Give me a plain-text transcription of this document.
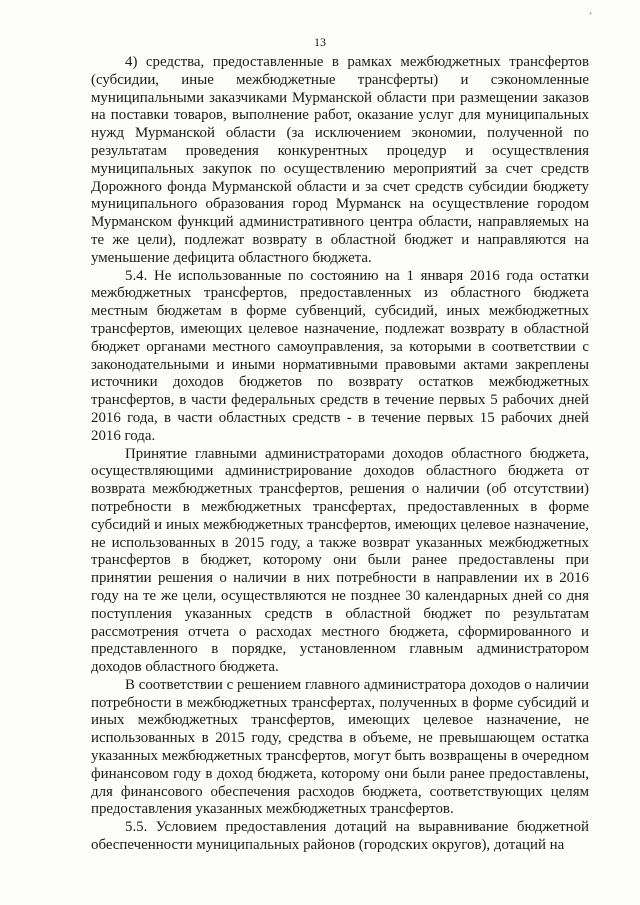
.
13

4) средства, предоставленные в рамках межбюджетных трансфертов (субсидии, иные межбюджетные трансферты) и сэкономленные муниципальными заказчиками Мурманской области при размещении заказов на поставки товаров, выполнение работ, оказание услуг для муниципальных нужд Мурманской области (за исключением экономии, полученной по результатам проведения конкурентных процедур и осуществления муниципальных закупок по осуществлению мероприятий за счет средств Дорожного фонда Мурманской области и за счет средств субсидии бюджету муниципального образования город Мурманск на осуществление городом Мурманском функций административного центра области, направляемых на те же цели), подлежат возврату в областной бюджет и направляются на уменьшение дефицита областного бюджета.

5.4. Не использованные по состоянию на 1 января 2016 года остатки межбюджетных трансфертов, предоставленных из областного бюджета местным бюджетам в форме субвенций, субсидий, иных межбюджетных трансфертов, имеющих целевое назначение, подлежат возврату в областной бюджет органами местного самоуправления, за которыми в соответствии с законодательными и иными нормативными правовыми актами закреплены источники доходов бюджетов по возврату остатков межбюджетных трансфертов, в части федеральных средств в течение первых 5 рабочих дней 2016 года, в части областных средств - в течение первых 15 рабочих дней 2016 года.

Принятие главными администраторами доходов областного бюджета, осуществляющими администрирование доходов областного бюджета от возврата межбюджетных трансфертов, решения о наличии (об отсутствии) потребности в межбюджетных трансфертах, предоставленных в форме субсидий и иных межбюджетных трансфертов, имеющих целевое назначение, не использованных в 2015 году, а также возврат указанных межбюджетных трансфертов в бюджет, которому они были ранее предоставлены при принятии решения о наличии в них потребности в направлении их в 2016 году на те же цели, осуществляются не позднее 30 календарных дней со дня поступления указанных средств в областной бюджет по результатам рассмотрения отчета о расходах местного бюджета, сформированного и представленного в порядке, установленном главным администратором доходов областного бюджета.

В соответствии с решением главного администратора доходов о наличии потребности в межбюджетных трансфертах, полученных в форме субсидий и иных межбюджетных трансфертов, имеющих целевое назначение, не использованных в 2015 году, средства в объеме, не превышающем остатка указанных межбюджетных трансфертов, могут быть возвращены в очередном финансовом году в доход бюджета, которому они были ранее предоставлены, для финансового обеспечения расходов бюджета, соответствующих целям предоставления указанных межбюджетных трансфертов.

5.5. Условием предоставления дотаций на выравнивание бюджетной обеспеченности муниципальных районов (городских округов), дотаций на
